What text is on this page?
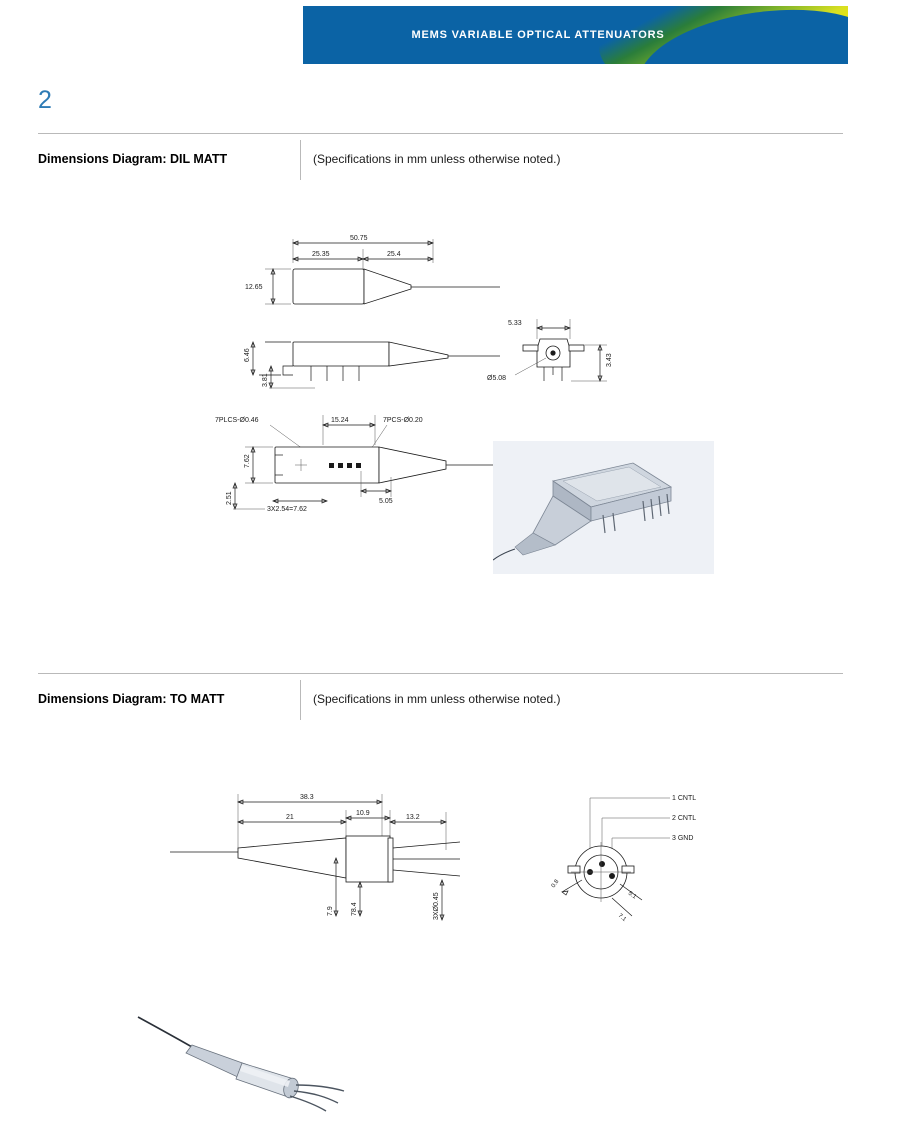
MEMS VARIABLE OPTICAL ATTENUATORS
2
Dimensions Diagram: DIL MATT	(Specifications in mm unless otherwise noted.)
50.75
25.35	25.4
12.65
6.46
3.81
5.33
Ø5.08
3.43
15.24
7PLCS-Ø0.46	7PCS-Ø0.20
7.62
2.51
3X2.54=7.62
5.05
Dimensions Diagram: TO MATT	(Specifications in mm unless otherwise noted.)
38.3
21
10.9
13.2
7.9 78.4	3XØ0.45
1 CNTL
2 CNTL
3 GND
0.8
5.1
7.1
